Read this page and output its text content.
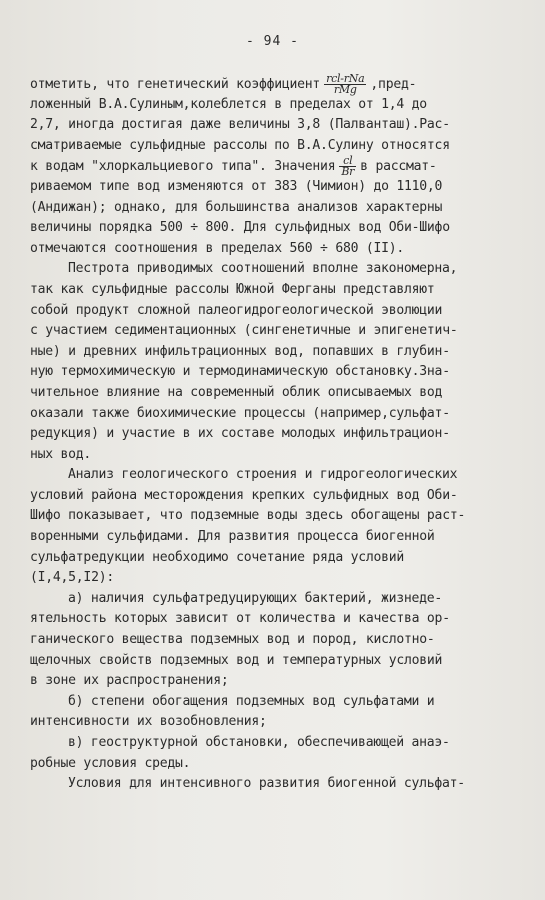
- 94 -
отметить, что генетический коэффициент $\frac{\text{rcl-rNa}}{\text{rMg}}$ ,пред-
ложенный В.А.Сулиным,колеблется в пределах от 1,4 до
2,7, иногда достигая даже величины 3,8 (Палванташ).Рас-
сматриваемые сульфидные рассолы по В.А.Сулину относятся
к водам "хлоркальциевого типа". Значения $\frac{cl}{Br}$ в рассмат-
риваемом типе вод изменяются от 383 (Чимион) до 1110,0
(Андижан); однако, для большинства анализов характерны
величины порядка 500 ÷ 800. Для сульфидных вод Оби-Шифо
отмечаются соотношения в пределах 560 ÷ 680 (II).
Пестрота приводимых соотношений вполне закономерна,
так как сульфидные рассолы Южной Ферганы представляют
собой продукт сложной палеогидрогеологической эволюции
с участием седиментационных (сингенетичные и эпигенетич-
ные) и древних инфильтрационных вод, попавших в глубин-
ную термохимическую и термодинамическую обстановку.Зна-
чительное влияние на современный облик описываемых вод
оказали также биохимические процессы (например,сульфат-
редукция) и участие в их составе молодых инфильтрацион-
ных вод.
Анализ геологического строения и гидрогеологических
условий района месторождения крепких сульфидных вод Оби-
Шифо показывает, что подземные воды здесь обогащены раст-
воренными сульфидами. Для развития процесса биогенной
сульфатредукции необходимо сочетание ряда условий
(I,4,5,I2):
а) наличия сульфатредуцирующих бактерий, жизнеде-
ятельность которых зависит от количества и качества ор-
ганического вещества подземных вод и пород, кислотно-
щелочных свойств подземных вод и температурных условий
в зоне их распространения;
б) степени обогащения подземных вод сульфатами и
интенсивности их возобновления;
в) геоструктурной обстановки, обеспечивающей анаэ-
робные условия среды.
Условия для интенсивного развития биогенной сульфат-
